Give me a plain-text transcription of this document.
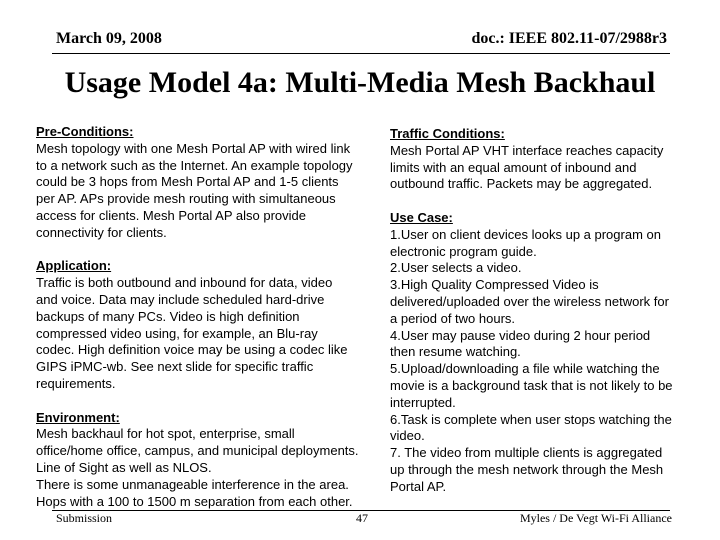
March 09, 2008	doc.: IEEE 802.11-07/2988r3
Usage Model 4a: Multi-Media Mesh Backhaul
Pre-Conditions:
Mesh topology with one Mesh Portal AP with wired link
to a network such as the Internet. An example topology
could be 3 hops from Mesh Portal AP and 1-5 clients
per AP. APs provide mesh routing with simultaneous
access for clients. Mesh Portal AP also provide
connectivity for clients.
Application:
Traffic is both outbound and inbound for data, video
and voice. Data may include scheduled hard-drive
backups of many PCs. Video is high definition
compressed video using, for example, an Blu-ray
codec. High definition voice may be using a codec like
GIPS iPMC-wb. See next slide for specific traffic
requirements.
Environment:
Mesh backhaul for hot spot, enterprise, small
office/home office, campus, and municipal deployments.
Line of Sight as well as NLOS.
There is some unmanageable interference in the area.
Hops with a 100 to 1500 m separation from each other.
Traffic Conditions:
Mesh Portal AP VHT interface reaches capacity
limits with an equal amount of inbound and
outbound traffic. Packets may be aggregated.
Use Case:
1.User on client devices looks up a program on
electronic program guide.
2.User selects a video.
3.High Quality Compressed Video is
delivered/uploaded over the wireless network for
a period of two hours.
4.User may pause video during 2 hour period
then resume watching.
5.Upload/downloading a file while watching the
movie is a background task that is not likely to be
interrupted.
6.Task is complete when user stops watching the
video.
7. The video from multiple clients is aggregated
up through the mesh network through the Mesh
Portal AP.
Submission	47	Myles / De Vegt Wi-Fi Alliance
